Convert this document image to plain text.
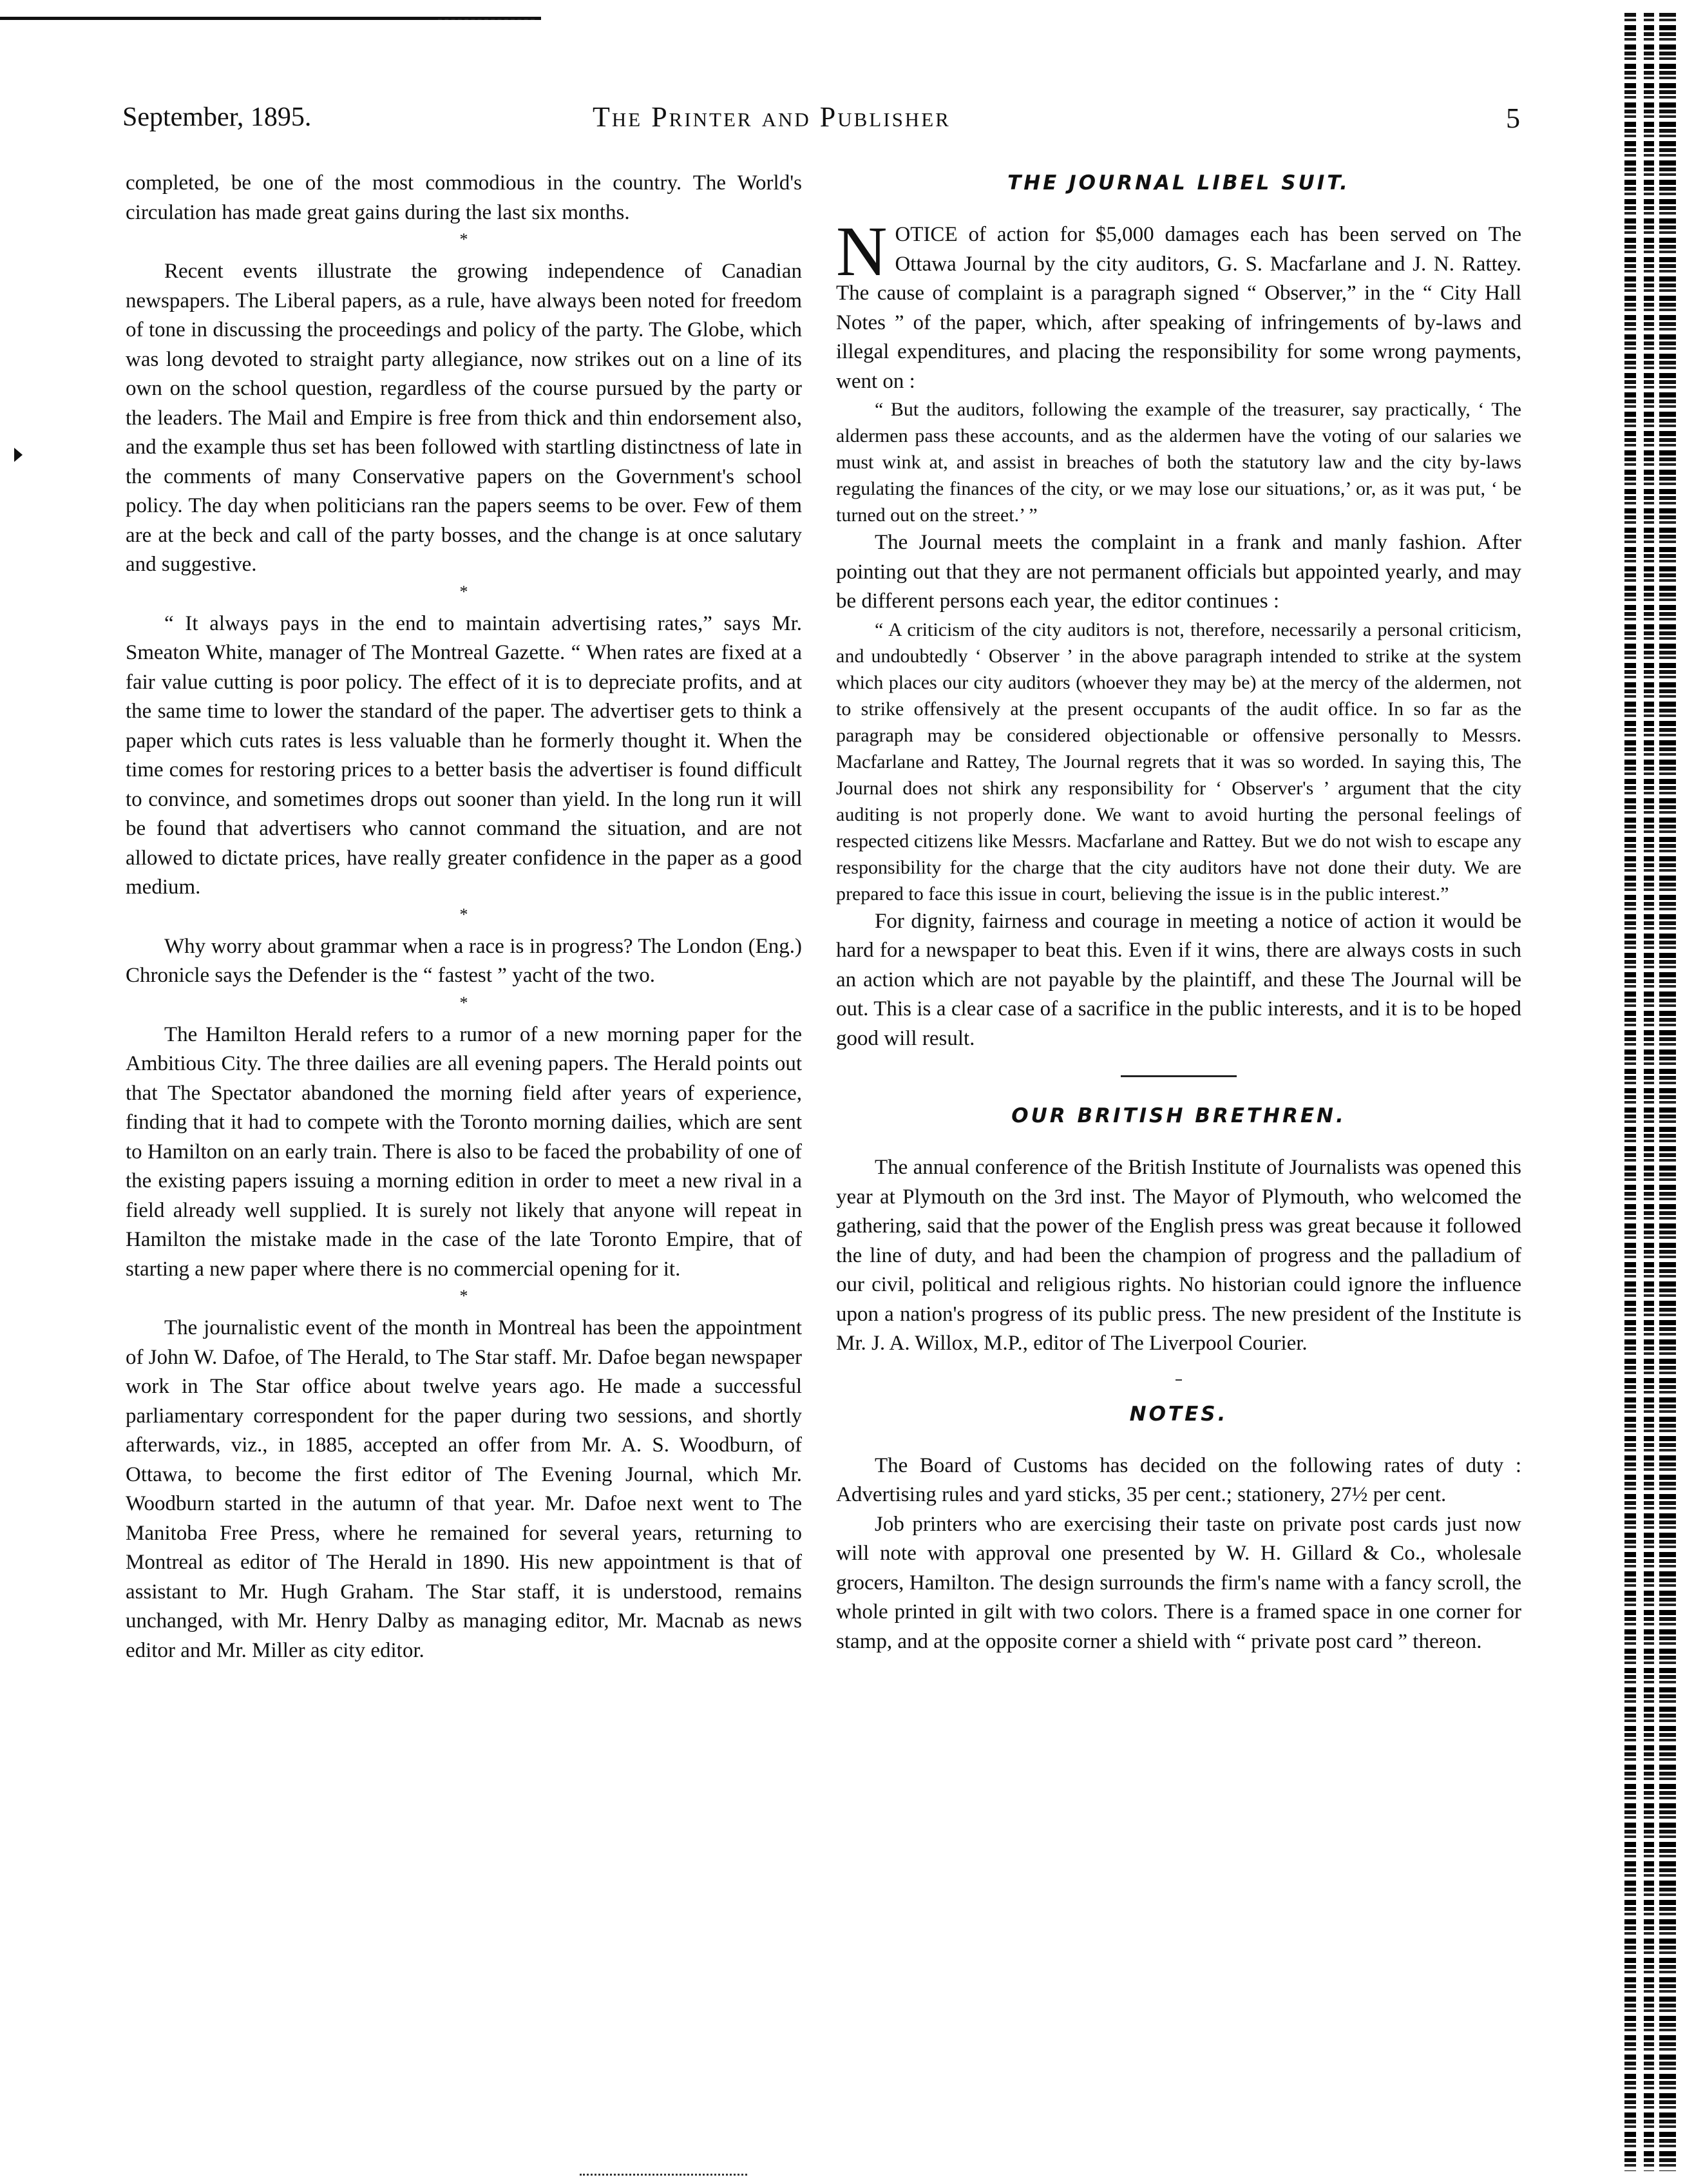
September, 1895.	The Printer and Publisher	5

completed, be one of the most commodious in the country. The World's circulation has made great gains during the last six months.

*

Recent events illustrate the growing independence of Canadian newspapers. The Liberal papers, as a rule, have always been noted for freedom of tone in discussing the proceedings and policy of the party. The Globe, which was long devoted to straight party allegiance, now strikes out on a line of its own on the school question, regardless of the course pursued by the party or the leaders. The Mail and Empire is free from thick and thin endorsement also, and the example thus set has been followed with startling distinctness of late in the comments of many Conservative papers on the Government's school policy. The day when politicians ran the papers seems to be over. Few of them are at the beck and call of the party bosses, and the change is at once salutary and suggestive.

*

“ It always pays in the end to maintain advertising rates,” says Mr. Smeaton White, manager of The Montreal Gazette. “ When rates are fixed at a fair value cutting is poor policy. The effect of it is to depreciate profits, and at the same time to lower the standard of the paper. The advertiser gets to think a paper which cuts rates is less valuable than he formerly thought it. When the time comes for restoring prices to a better basis the advertiser is found difficult to convince, and sometimes drops out sooner than yield. In the long run it will be found that advertisers who cannot command the situation, and are not allowed to dictate prices, have really greater confidence in the paper as a good medium.

*

Why worry about grammar when a race is in progress? The London (Eng.) Chronicle says the Defender is the “ fastest ” yacht of the two.

*

The Hamilton Herald refers to a rumor of a new morning paper for the Ambitious City. The three dailies are all evening papers. The Herald points out that The Spectator abandoned the morning field after years of experience, finding that it had to compete with the Toronto morning dailies, which are sent to Hamilton on an early train. There is also to be faced the probability of one of the existing papers issuing a morning edition in order to meet a new rival in a field already well supplied. It is surely not likely that anyone will repeat in Hamilton the mistake made in the case of the late Toronto Empire, that of starting a new paper where there is no commercial opening for it.

*

The journalistic event of the month in Montreal has been the appointment of John W. Dafoe, of The Herald, to The Star staff. Mr. Dafoe began newspaper work in The Star office about twelve years ago. He made a successful parliamentary correspondent for the paper during two sessions, and shortly afterwards, viz., in 1885, accepted an offer from Mr. A. S. Woodburn, of Ottawa, to become the first editor of The Evening Journal, which Mr. Woodburn started in the autumn of that year. Mr. Dafoe next went to The Manitoba Free Press, where he remained for several years, returning to Montreal as editor of The Herald in 1890. His new appointment is that of assistant to Mr. Hugh Graham. The Star staff, it is understood, remains unchanged, with Mr. Henry Dalby as managing editor, Mr. Macnab as news editor and Mr. Miller as city editor.

THE JOURNAL LIBEL SUIT.

NOTICE of action for $5,000 damages each has been served on The Ottawa Journal by the city auditors, G. S. Macfarlane and J. N. Rattey. The cause of complaint is a paragraph signed “ Observer,” in the “ City Hall Notes ” of the paper, which, after speaking of infringements of by-laws and illegal expenditures, and placing the responsibility for some wrong payments, went on :

“ But the auditors, following the example of the treasurer, say practically, ‘ The aldermen pass these accounts, and as the aldermen have the voting of our salaries we must wink at, and assist in breaches of both the statutory law and the city by-laws regulating the finances of the city, or we may lose our situations,’ or, as it was put, ‘ be turned out on the street.’ ”

The Journal meets the complaint in a frank and manly fashion. After pointing out that they are not permanent officials but appointed yearly, and may be different persons each year, the editor continues :

“ A criticism of the city auditors is not, therefore, necessarily a personal criticism, and undoubtedly ‘ Observer ’ in the above paragraph intended to strike at the system which places our city auditors (whoever they may be) at the mercy of the aldermen, not to strike offensively at the present occupants of the audit office. In so far as the paragraph may be considered objectionable or offensive personally to Messrs. Macfarlane and Rattey, The Journal regrets that it was so worded. In saying this, The Journal does not shirk any responsibility for ‘ Observer's ’ argument that the city auditing is not properly done. We want to avoid hurting the personal feelings of respected citizens like Messrs. Macfarlane and Rattey. But we do not wish to escape any responsibility for the charge that the city auditors have not done their duty. We are prepared to face this issue in court, believing the issue is in the public interest.”

For dignity, fairness and courage in meeting a notice of action it would be hard for a newspaper to beat this. Even if it wins, there are always costs in such an action which are not payable by the plaintiff, and these The Journal will be out. This is a clear case of a sacrifice in the public interests, and it is to be hoped good will result.

OUR BRITISH BRETHREN.

The annual conference of the British Institute of Journalists was opened this year at Plymouth on the 3rd inst. The Mayor of Plymouth, who welcomed the gathering, said that the power of the English press was great because it followed the line of duty, and had been the champion of progress and the palladium of our civil, political and religious rights. No historian could ignore the influence upon a nation's progress of its public press. The new president of the Institute is Mr. J. A. Willox, M.P., editor of The Liverpool Courier.

NOTES.

The Board of Customs has decided on the following rates of duty : Advertising rules and yard sticks, 35 per cent.; stationery, 27½ per cent.

Job printers who are exercising their taste on private post cards just now will note with approval one presented by W. H. Gillard & Co., wholesale grocers, Hamilton. The design surrounds the firm's name with a fancy scroll, the whole printed in gilt with two colors. There is a framed space in one corner for stamp, and at the opposite corner a shield with “ private post card ” thereon.
